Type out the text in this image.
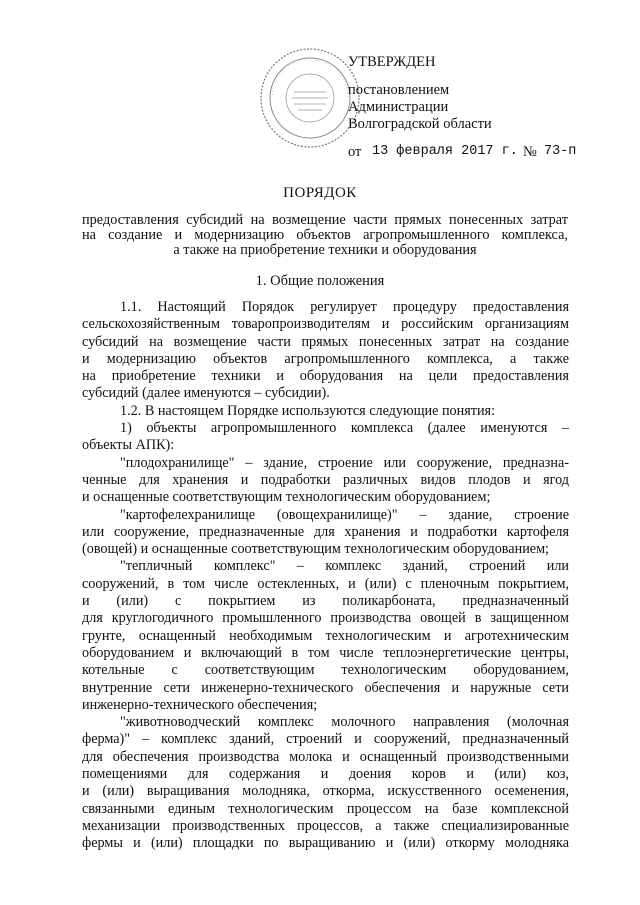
УТВЕРЖДЕН
постановлением
Администрации
Волгоградской области
от 13 февраля 2017 г. № 73-п
ПОРЯДОК
предоставления субсидий на возмещение части прямых понесенных затрат
на создание и модернизацию объектов агропромышленного комплекса,
а также на приобретение техники и оборудования
1. Общие положения
1.1. Настоящий Порядок регулирует процедуру предоставления
сельскохозяйственным товаропроизводителям и российским организациям
субсидий на возмещение части прямых понесенных затрат на создание
и модернизацию объектов агропромышленного комплекса, а также
на приобретение техники и оборудования на цели предоставления
субсидий (далее именуются – субсидии).
1.2. В настоящем Порядке используются следующие понятия:
1) объекты агропромышленного комплекса (далее именуются –
объекты АПК):
"плодохранилище" – здание, строение или сооружение, предназна-
ченные для хранения и подработки различных видов плодов и ягод
и оснащенные соответствующим технологическим оборудованием;
"картофелехранилище (овощехранилище)" – здание, строение
или сооружение, предназначенные для хранения и подработки картофеля
(овощей) и оснащенные соответствующим технологическим оборудованием;
"тепличный комплекс" – комплекс зданий, строений или
сооружений, в том числе остекленных, и (или) с пленочным покрытием,
и (или) с покрытием из поликарбоната, предназначенный
для круглогодичного промышленного производства овощей в защищенном
грунте, оснащенный необходимым технологическим и агротехническим
оборудованием и включающий в том числе теплоэнергетические центры,
котельные с соответствующим технологическим оборудованием,
внутренние сети инженерно-технического обеспечения и наружные сети
инженерно-технического обеспечения;
"животноводческий комплекс молочного направления (молочная
ферма)" – комплекс зданий, строений и сооружений, предназначенный
для обеспечения производства молока и оснащенный производственными
помещениями для содержания и доения коров и (или) коз,
и (или) выращивания молодняка, откорма, искусственного осеменения,
связанными единым технологическим процессом на базе комплексной
механизации производственных процессов, а также специализированные
фермы и (или) площадки по выращиванию и (или) откорму молодняка
